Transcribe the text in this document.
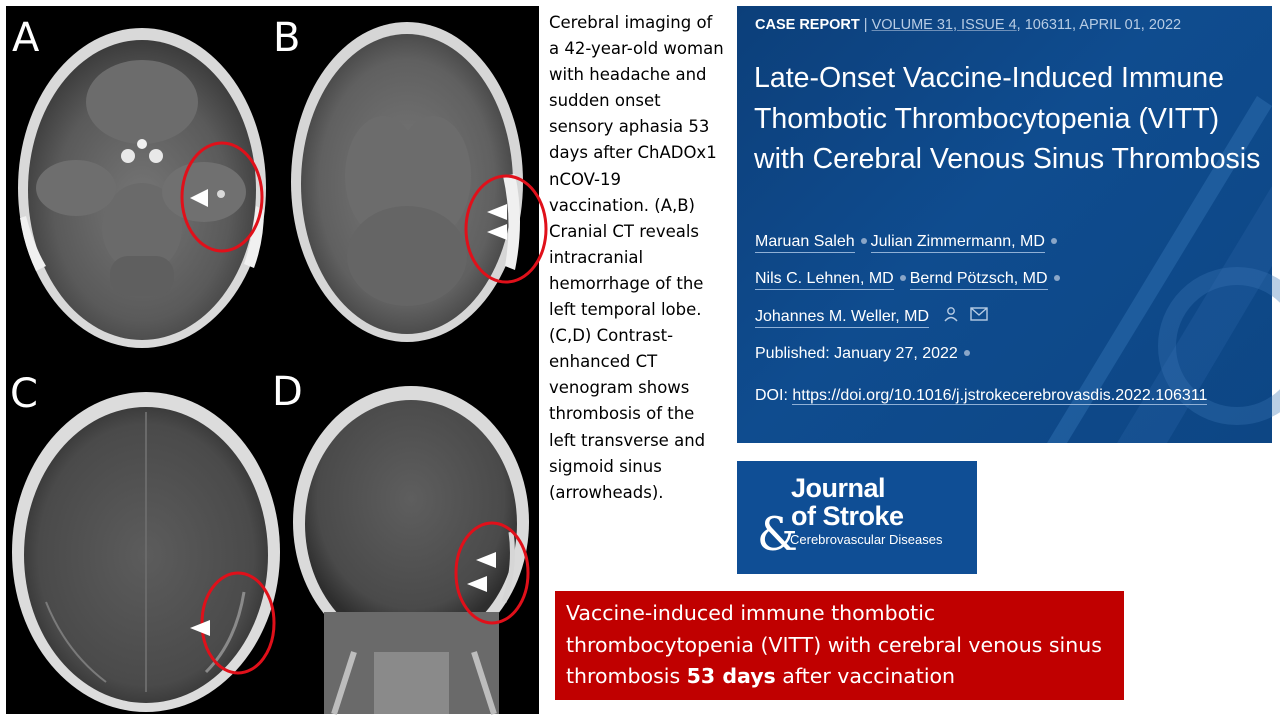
A	B
C	D
Cerebral imaging of a 42-year-old woman with headache and sudden onset sensory aphasia 53 days after ChADOx1 nCOV-19 vaccination. (A,B) Cranial CT reveals intracranial hemorrhage of the left temporal lobe. (C,D) Contrast-enhanced CT venogram shows thrombosis of the left transverse and sigmoid sinus (arrowheads).
CASE REPORT | VOLUME 31, ISSUE 4, 106311, APRIL 01, 2022
Late-Onset Vaccine-Induced Immune Thombotic Thrombocytopenia (VITT) with Cerebral Venous Sinus Thrombosis
Maruan Saleh Julian Zimmermann, MD
Nils C. Lehnen, MD Bernd Pötzsch, MD
Johannes M. Weller, MD
Published: January 27, 2022
DOI: https://doi.org/10.1016/j.jstrokecerebrovasdis.2022.106311
Journal
of Stroke
&
Cerebrovascular Diseases
Vaccine-induced immune thombotic thrombocytopenia (VITT) with cerebral venous sinus thrombosis 53 days after vaccination
